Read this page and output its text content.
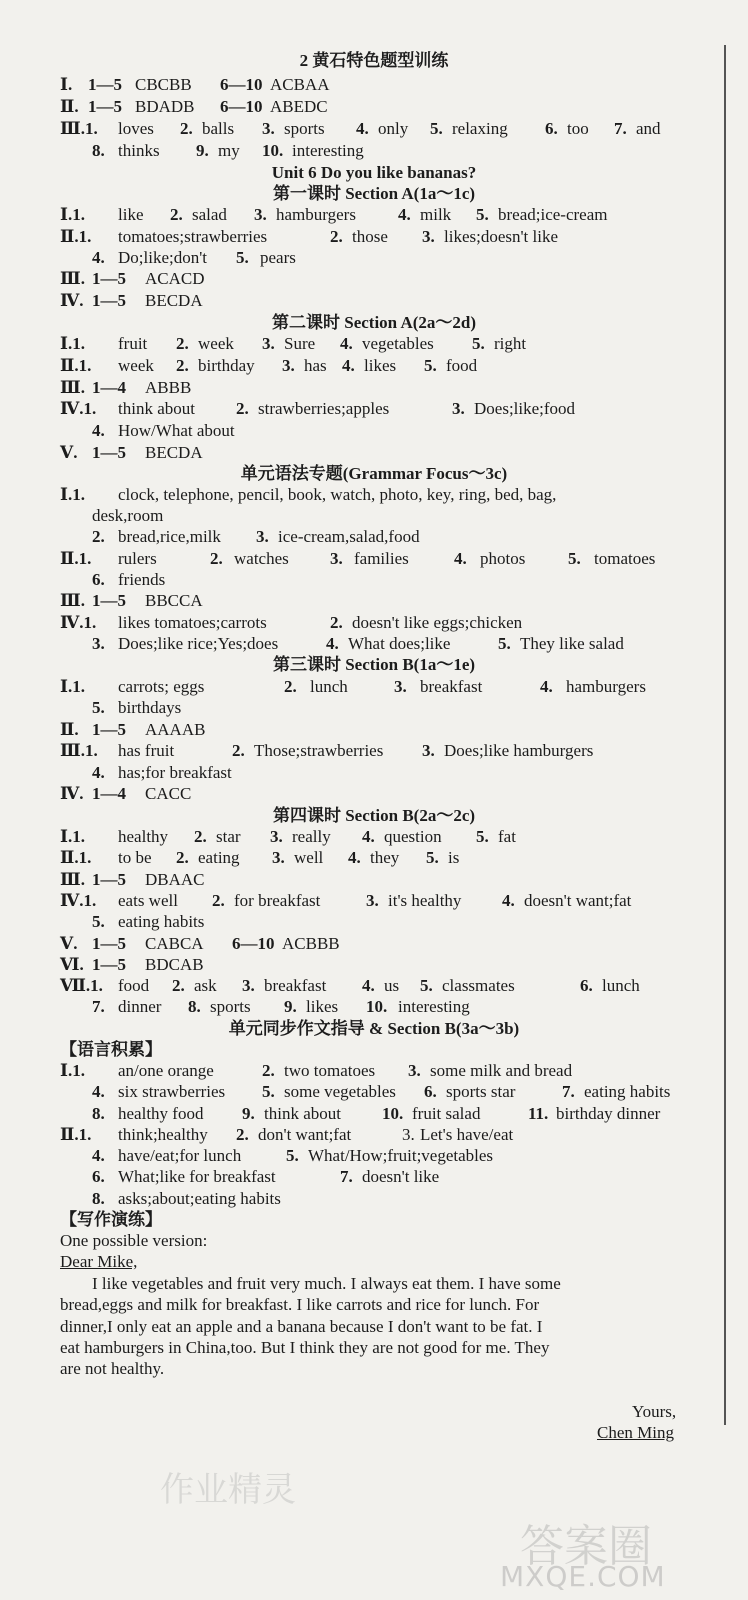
2 黄石特色题型训练
Ⅰ. 1—5 CBCBB 6—10 ACBAA
Ⅱ. 1—5 BDADB 6—10 ABEDC
Ⅲ.1. loves 2. balls 3. sports 4. only 5. relaxing 6. too 7. and
8. thinks 9. my 10. interesting
Unit 6 Do you like bananas?
第一课时 Section A(1a～1c)
Ⅰ.1. like 2. salad 3. hamburgers 4. milk 5. bread;ice-cream
Ⅱ.1. tomatoes;strawberries	2. those 3. likes;doesn't like
4. Do;like;don't 5. pears
Ⅲ. 1—5 ACACD
Ⅳ. 1—5 BECDA
第二课时 Section A(2a～2d)
Ⅰ.1. fruit 2. week 3. Sure 4. vegetables 5. right
Ⅱ.1. week 2. birthday 3. has 4. likes 5. food
Ⅲ. 1—4 ABBB
Ⅳ.1. think about 2. strawberries;apples	3. Does;like;food
4. How/What about
Ⅴ. 1—5 BECDA
单元语法专题(Grammar Focus～3c)
Ⅰ.1. clock, telephone, pencil, book, watch, photo, key, ring, bed, bag,
desk,room
2. bread,rice,milk 3. ice-cream,salad,food
Ⅱ.1. rulers	2. watches 3. families	4. photos	5. tomatoes
6. friends
Ⅲ. 1—5 BBCCA
Ⅳ.1. likes tomatoes;carrots	2. doesn't like eggs;chicken
3. Does;like rice;Yes;does	4. What does;like	5. They like salad
第三课时 Section B(1a～1e)
Ⅰ.1. carrots; eggs	2. lunch	3. breakfast	4. hamburgers
5. birthdays
Ⅱ. 1—5 AAAAB
Ⅲ.1. has fruit	2. Those;strawberries 3. Does;like hamburgers
4. has;for breakfast
Ⅳ. 1—4 CACC
第四课时 Section B(2a～2c)
Ⅰ.1. healthy 2. star 3. really 4. question 5. fat
Ⅱ.1. to be 2. eating 3. well 4. they 5. is
Ⅲ. 1—5 DBAAC
Ⅳ.1. eats well 2. for breakfast	3. it's healthy 4. doesn't want;fat
5. eating habits
Ⅴ. 1—5 CABCA 6—10 ACBBB
Ⅵ. 1—5 BDCAB
Ⅶ.1. food 2. ask 3. breakfast 4. us 5. classmates	6. lunch
7. dinner 8. sports 9. likes 10. interesting
单元同步作文指导 & Section B(3a～3b)
【语言积累】
Ⅰ.1. an/one orange	2. two tomatoes 3. some milk and bread
4. six strawberries 5. some vegetables 6. sports star	7. eating habits
8. healthy food 9. think about 10. fruit salad	11. birthday dinner
Ⅱ.1. think;healthy 2. don't want;fat	3. Let's have/eat
4. have/eat;for lunch	5. What/How;fruit;vegetables
6. What;like for breakfast	7. doesn't like
8. asks;about;eating habits
【写作演练】
One possible version:
Dear Mike,
I like vegetables and fruit very much. I always eat them. I have some
bread,eggs and milk for breakfast. I like carrots and rice for lunch. For
dinner,I only eat an apple and a banana because I don't want to be fat. I
eat hamburgers in China,too. But I think they are not good for me. They
are not healthy.
Yours,
Chen Ming
作业精灵
答案圈
MXQE.COM
